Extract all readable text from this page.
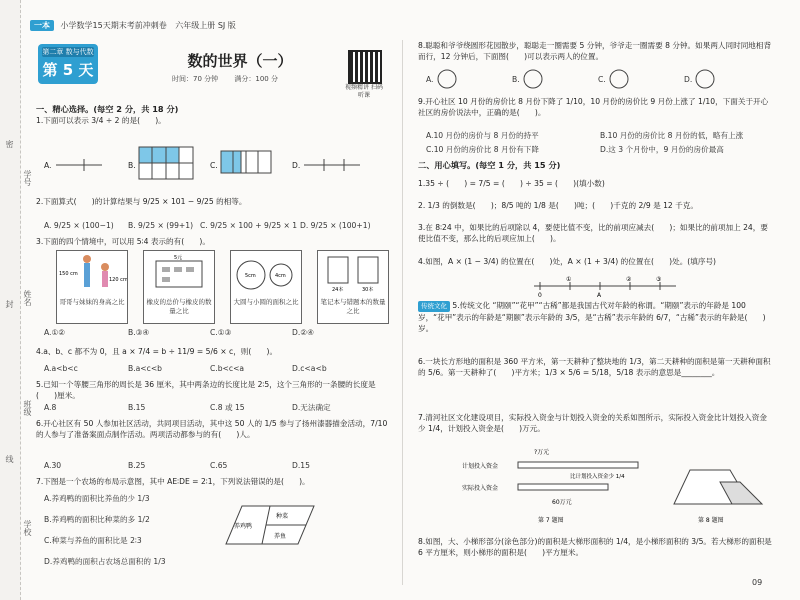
密
封
线
学号
姓名
班级
学校
一本 小学数学15天期末考前冲刺卷 六年级上册 SJ 版
第二章 数与代数
第 5 天	数的世界（一）
时间：70 分钟 满分：100 分
视频精讲 扫码听课
一、精心选择。(每空 2 分，共 18 分)
1.下面可以表示 3/4 ÷ 2 的是(　　)。
A.	B.	C.	D.
2.下面算式(　　)的计算结果与 9/25 × 101 − 9/25 的相等。
A. 9/25 × (100−1) B. 9/25 × (99+1) C. 9/25 × 100 + 9/25 × 1 D. 9/25 × (100+1)
3.下面的四个情境中，可以用 5∶4 表示的有(　　)。
150 cm
120 cm
哥哥与妹妹的身高之比
5元
橡皮的总价与橡皮的数量之比
5cm	4cm
大圆与小圆的面积之比
24本	30本
笔记本与错题本的数量之比
A.①②	B.③④	C.①③	D.②④
4.a、b、c 都不为 0，且 a × 7/4 = b ÷ 11/9 = 5/6 × c，则(　　)。
A.a<b<c	B.a<c<b	C.b<c<a	D.c<a<b
5.已知一个等腰三角形的周长是 36 厘米，其中两条边的长度比是 2∶5，这个三角形的一条腰的长度是(　　)厘米。
A.8	B.15	C.8 或 15	D.无法确定
6.开心社区有 50 人参加社区活动，共同项目活动，其中这 50 人的 1/5 参与了扬州漆器描金活动，7/10 的人参与了准备案面点制作活动。两项活动都参与的有(　　)人。
A.30	B.25	C.65	D.15
7.下图是一个农场的布局示意图，其中 AE∶DE = 2∶1，下列说法错误的是(　　)。
A.养鸡鸭的面积比养鱼的少 1/3
B.养鸡鸭的面积比种菜的多 1/2
C.种菜与养鱼的面积比是 2∶3
D.养鸡鸭的面积占农场总面积的 1/3
养鸡鸭
种菜
养鱼
8.聪聪和爷爷绕圆形花园散步，聪聪走一圈需要 5 分钟，爷爷走一圈需要 8 分钟。如果两人同时同地相背而行，12 分钟后，下面图(　　)可以表示两人的位置。
A.	B.	C.	D.
9.开心社区 10 月份的房价比 8 月份下降了 1/10，10 月份的房价比 9 月份上涨了 1/10，下面关于开心社区的房价说法中，正确的是(　　)。
A.10 月份的房价与 8 月份的持平	B.10 月份的房价比 8 月份的低，略有上涨
C.10 月份的房价比 8 月份有下降	D.这 3 个月份中，9 月份的房价最高
二、用心填写。(每空 1 分，共 15 分)
1.35 ÷ (　　) = 7/5 = (　　) ÷ 35 = (　　)(填小数)
2. 1/3 的倒数是(　　)；8/5 吨的 1/8 是(　　)吨；(　　)千克的 2/9 是 12 千克。
3.在 8∶24 中，如果比的后项除以 4，要使比值不变，比的前项应减去(　　)；如果比的前项加上 24，要使比值不变，那么比的后项应加上(　　)。
4.如图，A × (1 − 3/4) 的位置在(　　)处，A × (1 + 3/4) 的位置在(　　)处。(填序号)
0
①
A
②	③
传统文化 5.传统文化 “期颐”“花甲”“古稀”都是我国古代对年龄的称谓。“期颐”表示的年龄是 100 岁，“花甲”表示的年龄是“期颐”表示年龄的 3/5，是“古稀”表示年龄的 6/7，“古稀”表示的年龄是(　　)岁。
6.一块长方形地的面积是 360 平方米，第一天耕种了整块地的 1/3，第二天耕种的面积是第一天耕种面积的 5/6。第一天耕种了(　　)平方米；1/3 × 5/6 = 5/18，5/18 表示的意思是________。
7.清河社区文化建设项目，实际投入资金与计划投入资金的关系如图所示，实际投入资金比计划投入资金少 1/4，计划投入资金是(　　)万元。
?万元
计划投入资金
实际投入资金
比计划投入资金少 1/4
60万元
第 7 题图	第 8 题图
8.如图，大、小梯形部分(涂色部分)的面积是大梯形面积的 1/4，是小梯形面积的 3/5。若大梯形的面积是 6 平方厘米，则小梯形的面积是(　　)平方厘米。
09
